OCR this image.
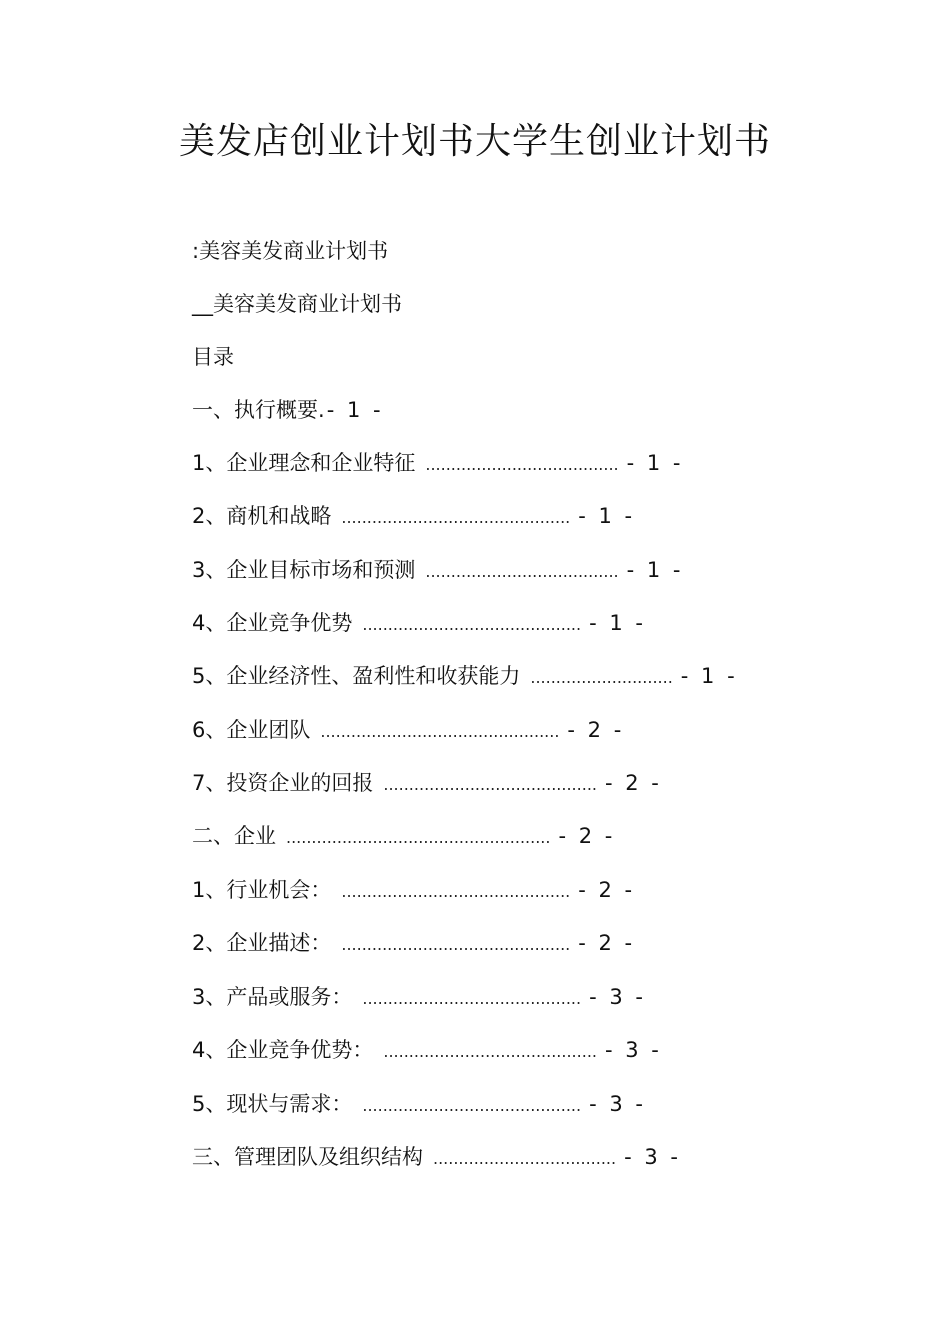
美发店创业计划书大学生创业计划书

:美容美发商业计划书

__美容美发商业计划书

目录

一、执行概要. - 1 -
1、企业理念和企业特征 ...................................... - 1 -
2、商机和战略 ............................................. - 1 -
3、企业目标市场和预测 ...................................... - 1 -
4、企业竞争优势 ........................................... - 1 -
5、企业经济性、盈利性和收获能力 ............................ - 1 -
6、企业团队 ............................................... - 2 -
7、投资企业的回报 .......................................... - 2 -
二、企业 .................................................... - 2 -
1、行业机会： ............................................. - 2 -
2、企业描述： ............................................. - 2 -
3、产品或服务： ........................................... - 3 -
4、企业竞争优势： .......................................... - 3 -
5、现状与需求： ........................................... - 3 -
三、管理团队及组织结构 .................................... - 3 -
